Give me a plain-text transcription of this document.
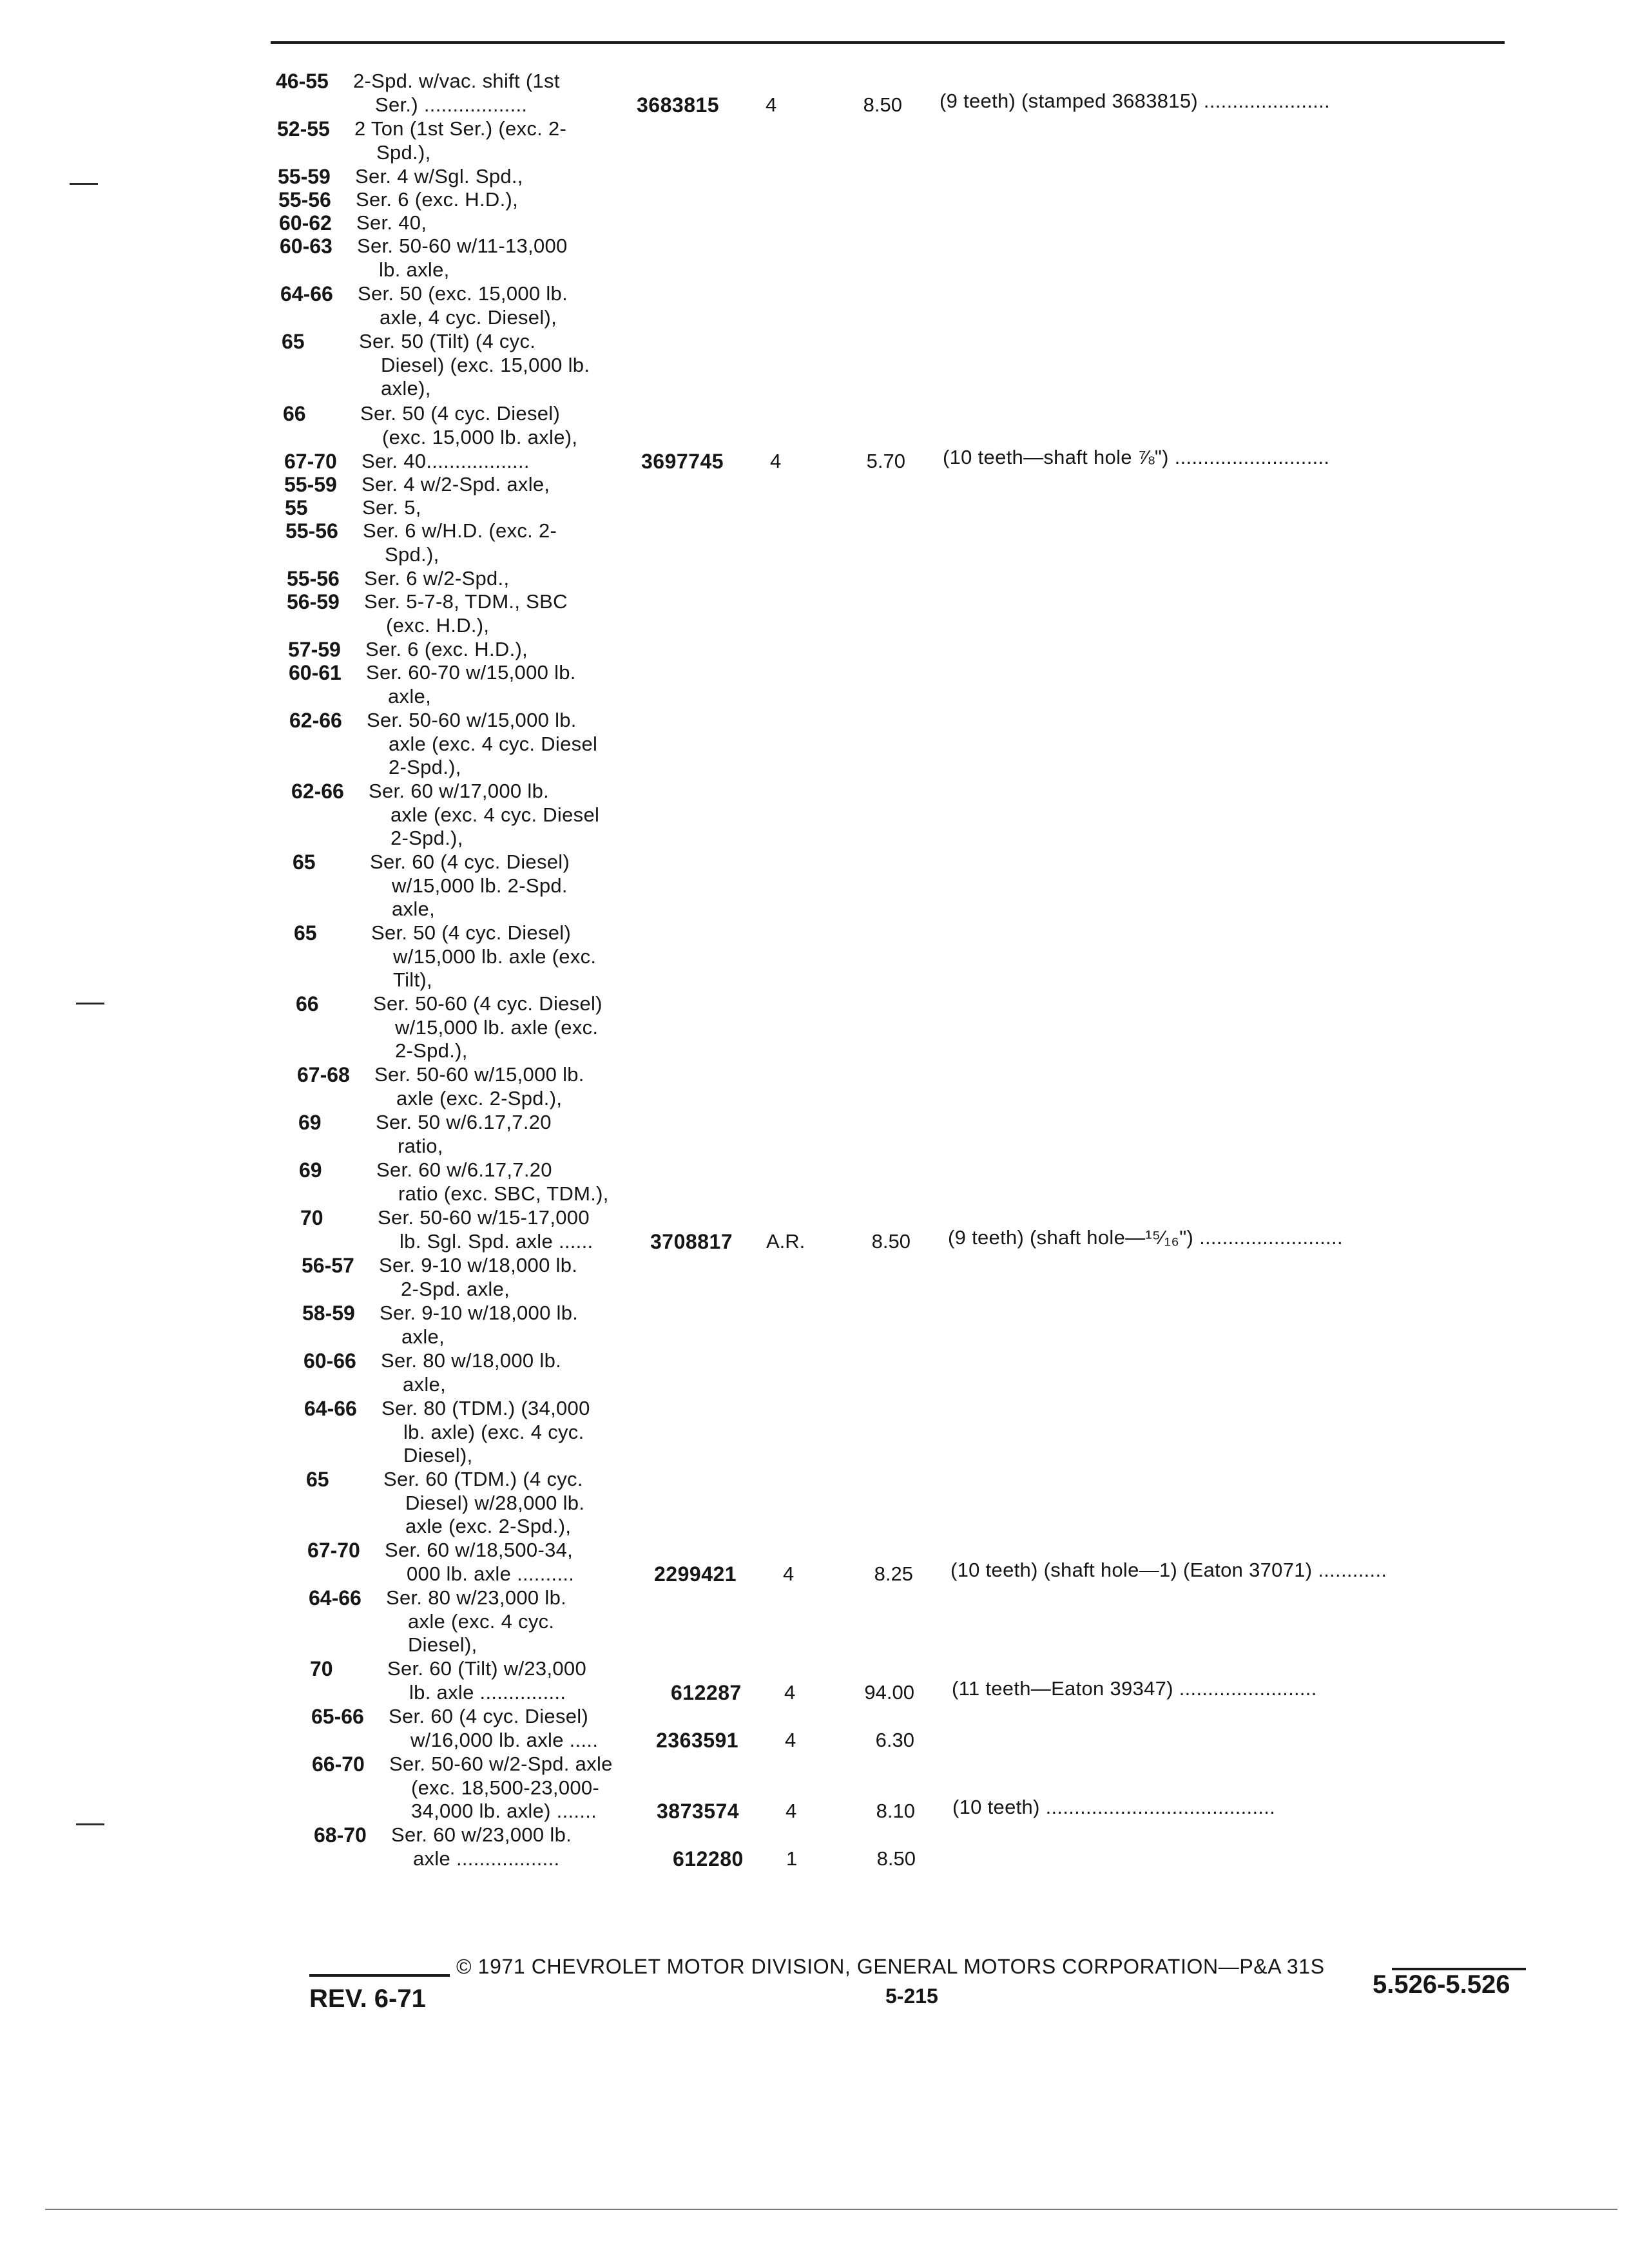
46-55 2-Spd. w/vac. shift (1st
Ser.) ..................	3683815 4	8.50 (9 teeth) (stamped 3683815) ......................
52-55 2 Ton (1st Ser.) (exc. 2-
Spd.),
55-59 Ser. 4 w/Sgl. Spd.,
55-56 Ser. 6 (exc. H.D.),
60-62 Ser. 40,
60-63 Ser. 50-60 w/11-13,000
lb. axle,
64-66 Ser. 50 (exc. 15,000 lb.
axle, 4 cyc. Diesel),
65	Ser. 50 (Tilt) (4 cyc.
Diesel) (exc. 15,000 lb.
axle),
66	Ser. 50 (4 cyc. Diesel)
(exc. 15,000 lb. axle),
67-70 Ser. 40..................	3697745 4	5.70 (10 teeth—shaft hole ⅞") ...........................
55-59 Ser. 4 w/2-Spd. axle,
55	Ser. 5,
55-56 Ser. 6 w/H.D. (exc. 2-
Spd.),
55-56 Ser. 6 w/2-Spd.,
56-59 Ser. 5-7-8, TDM., SBC
(exc. H.D.),
57-59 Ser. 6 (exc. H.D.),
60-61 Ser. 60-70 w/15,000 lb.
axle,
62-66 Ser. 50-60 w/15,000 lb.
axle (exc. 4 cyc. Diesel
2-Spd.),
62-66 Ser. 60 w/17,000 lb.
axle (exc. 4 cyc. Diesel
2-Spd.),
65	Ser. 60 (4 cyc. Diesel)
w/15,000 lb. 2-Spd.
axle,
65	Ser. 50 (4 cyc. Diesel)
w/15,000 lb. axle (exc.
Tilt),
66	Ser. 50-60 (4 cyc. Diesel)
w/15,000 lb. axle (exc.
2-Spd.),
67-68 Ser. 50-60 w/15,000 lb.
axle (exc. 2-Spd.),
69	Ser. 50 w/6.17,7.20
ratio,
69	Ser. 60 w/6.17,7.20
ratio (exc. SBC, TDM.),
70	Ser. 50-60 w/15-17,000
lb. Sgl. Spd. axle ......	3708817 A.R.	8.50 (9 teeth) (shaft hole—¹⁵⁄₁₆") .........................
56-57 Ser. 9-10 w/18,000 lb.
2-Spd. axle,
58-59 Ser. 9-10 w/18,000 lb.
axle,
60-66 Ser. 80 w/18,000 lb.
axle,
64-66 Ser. 80 (TDM.) (34,000
lb. axle) (exc. 4 cyc.
Diesel),
65	Ser. 60 (TDM.) (4 cyc.
Diesel) w/28,000 lb.
axle (exc. 2-Spd.),
67-70 Ser. 60 w/18,500-34,
000 lb. axle ..........	2299421 4	8.25 (10 teeth) (shaft hole—1) (Eaton 37071) ............
64-66 Ser. 80 w/23,000 lb.
axle (exc. 4 cyc.
Diesel),
70	Ser. 60 (Tilt) w/23,000
lb. axle ...............	612287 4	94.00 (11 teeth—Eaton 39347) ........................
65-66 Ser. 60 (4 cyc. Diesel)
w/16,000 lb. axle .....	2363591 4	6.30
66-70 Ser. 50-60 w/2-Spd. axle
(exc. 18,500-23,000-
34,000 lb. axle) .......	3873574 4	8.10 (10 teeth) ........................................
68-70 Ser. 60 w/23,000 lb.
axle ..................	612280 1	8.50
© 1971 CHEVROLET MOTOR DIVISION, GENERAL MOTORS CORPORATION—P&A 31S
REV. 6-71	5-215	5.526-5.526
